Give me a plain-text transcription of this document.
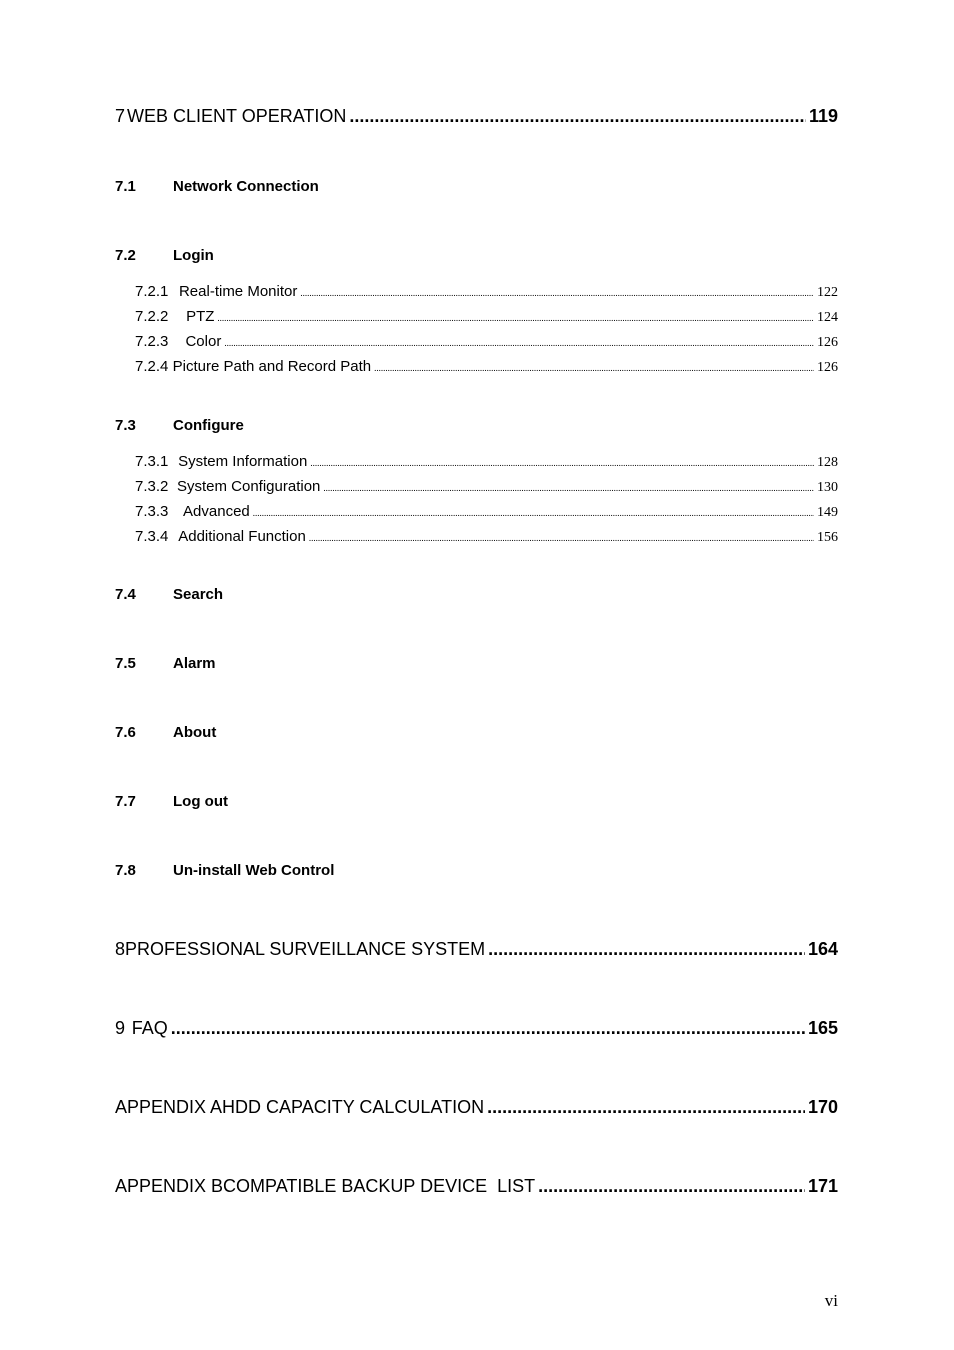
7 WEB CLIENT OPERATION .....	119
7.1	Network Connection
7.2	Login
7.2.1 Real-time Monitor .....	122
7.2.2	PTZ .....	124
7.2.3	Color .....	126
7.2.4 Picture Path and Record Path .....	126
7.3	Configure
7.3.1 System Information .....	128
7.3.2 System Configuration .....	130
7.3.3 Advanced .....	149
7.3.4 Additional Function .....	156
7.4	Search
7.5	Alarm
7.6	About
7.7	Log out
7.8	Un-install Web Control
8 PROFESSIONAL SURVEILLANCE SYSTEM .....	164
9 FAQ .....	165
APPENDIX A HDD CAPACITY CALCULATION .....	170
APPENDIX B COMPATIBLE BACKUP DEVICE  LIST .....	171
vi
